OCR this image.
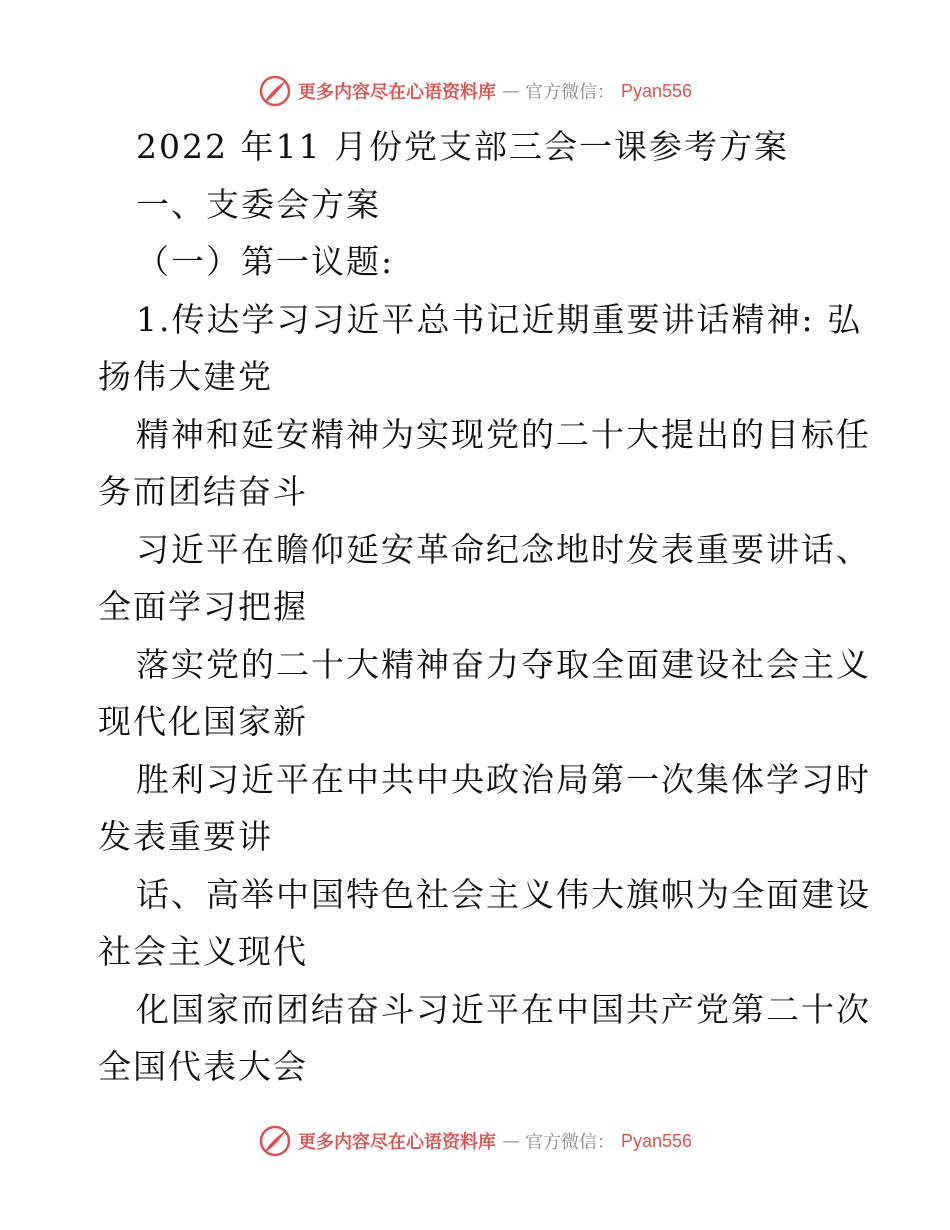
更多内容尽在心语资料库 — 官方微信： Pyan556
2022 年11 月份党支部三会一课参考方案
一、支委会方案
（一）第一议题:
1.传达学习习近平总书记近期重要讲话精神: 弘
扬伟大建党
精神和延安精神为实现党的二十大提出的目标任
务而团结奋斗
习近平在瞻仰延安革命纪念地时发表重要讲话、
全面学习把握
落实党的二十大精神奋力夺取全面建设社会主义
现代化国家新
胜利习近平在中共中央政治局第一次集体学习时
发表重要讲
话、高举中国特色社会主义伟大旗帜为全面建设
社会主义现代
化国家而团结奋斗习近平在中国共产党第二十次
全国代表大会
更多内容尽在心语资料库 — 官方微信： Pyan556
